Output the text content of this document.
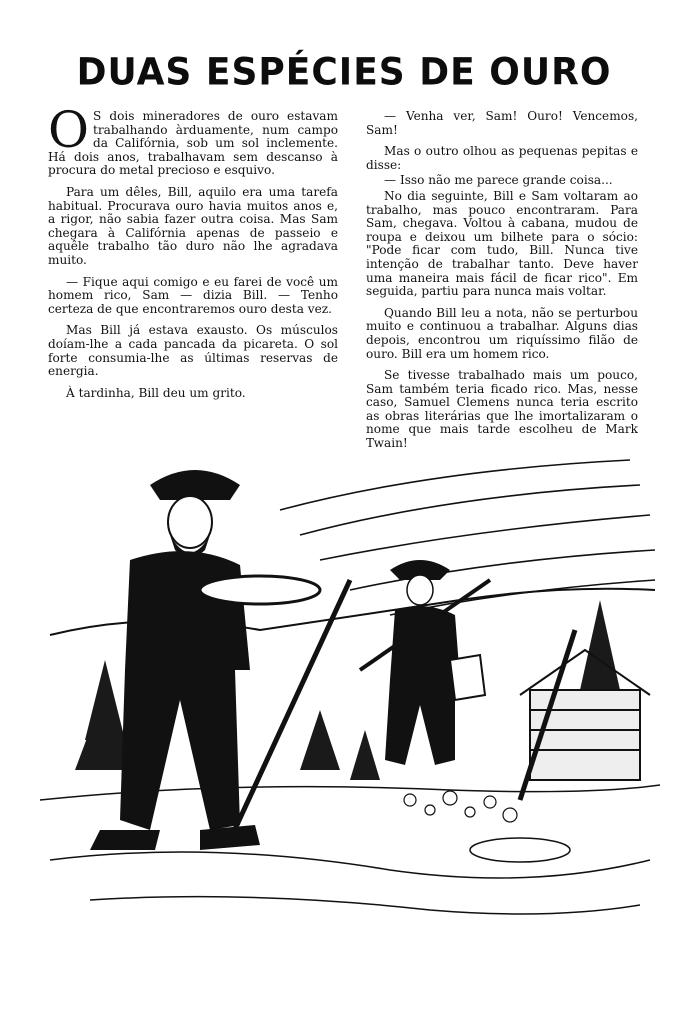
DUAS ESPÉCIES DE OURO

O S dois mineradores de ouro estavam trabalhando àrduamente, num campo da Califórnia, sob um sol inclemente. Há dois anos, trabalhavam sem descanso à procura do metal precioso e esquivo.

Para um dêles, Bill, aquilo era uma tarefa habitual. Procurava ouro havia muitos anos e, a rigor, não sabia fazer outra coisa. Mas Sam chegara à Califórnia apenas de passeio e aquêle trabalho tão duro não lhe agradava muito.

— Fique aqui comigo e eu farei de você um homem rico, Sam — dizia Bill. — Tenho certeza de que encontraremos ouro desta vez.

Mas Bill já estava exausto. Os músculos doíam-lhe a cada pancada da picareta. O sol forte consumia-lhe as últimas reservas de energia.

À tardinha, Bill deu um grito.

— Venha ver, Sam! Ouro! Vencemos, Sam!

Mas o outro olhou as pequenas pepitas e disse:

— Isso não me parece grande coisa...

No dia seguinte, Bill e Sam voltaram ao trabalho, mas pouco encontraram. Para Sam, chegava. Voltou à cabana, mudou de roupa e deixou um bilhete para o sócio: "Pode ficar com tudo, Bill. Nunca tive intenção de trabalhar tanto. Deve haver uma maneira mais fácil de ficar rico". Em seguida, partiu para nunca mais voltar.

Quando Bill leu a nota, não se perturbou muito e continuou a trabalhar. Alguns dias depois, encontrou um riquíssimo filão de ouro. Bill era um homem rico.

Se tivesse trabalhado mais um pouco, Sam também teria ficado rico. Mas, nesse caso, Samuel Clemens nunca teria escrito as obras literárias que lhe imortalizaram o nome que mais tarde escolheu de Mark Twain!
